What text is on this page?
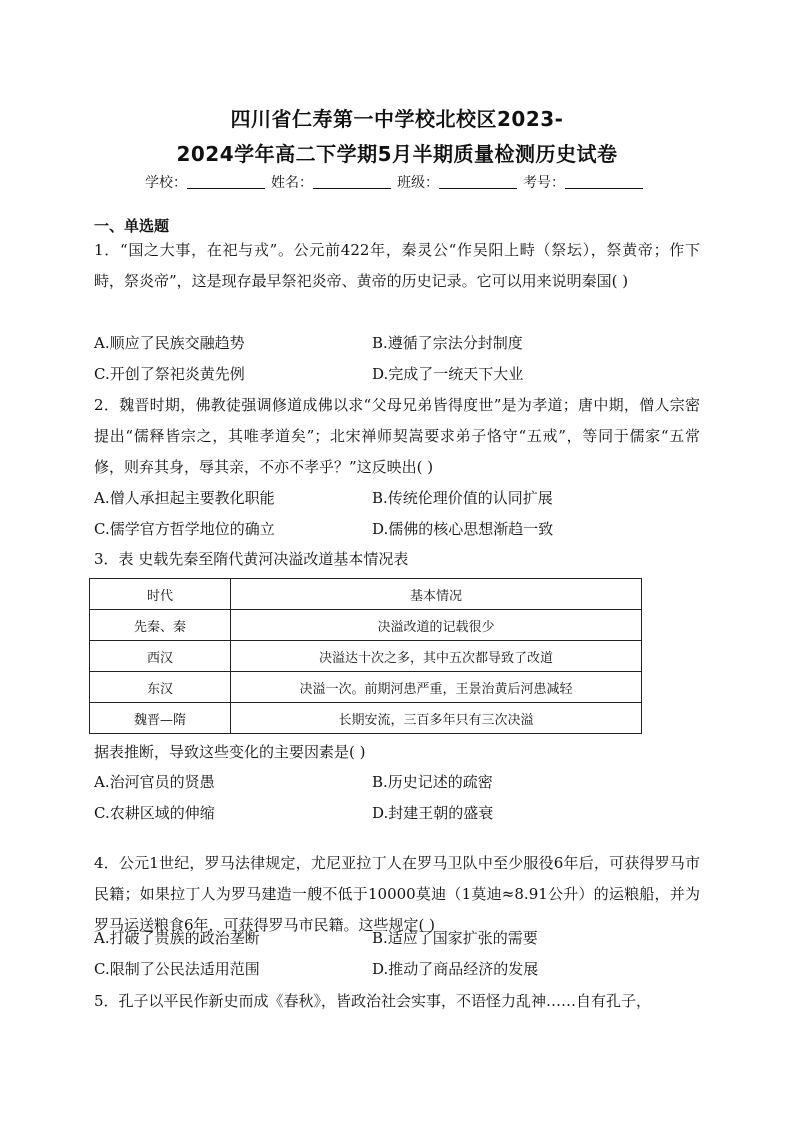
四川省仁寿第一中学校北校区2023-
2024学年高二下学期5月半期质量检测历史试卷
学校：	姓名：	班级：	考号：
一、单选题
1．“国之大事，在祀与戎”。公元前422年，秦灵公“作吴阳上畤（祭坛），祭黄帝；作下畤，祭炎帝”，这是现存最早祭祀炎帝、黄帝的历史记录。它可以用来说明秦国( )
A.顺应了民族交融趋势	B.遵循了宗法分封制度
C.开创了祭祀炎黄先例	D.完成了一统天下大业
2．魏晋时期，佛教徒强调修道成佛以求“父母兄弟皆得度世”是为孝道；唐中期，僧人宗密提出“儒释皆宗之，其唯孝道矣”；北宋禅师契嵩要求弟子恪守“五戒”，等同于儒家“五常修，则弃其身，辱其亲，不亦不孝乎？”这反映出( )
A.僧人承担起主要教化职能	B.传统伦理价值的认同扩展
C.儒学官方哲学地位的确立	D.儒佛的核心思想渐趋一致
3．表 史载先秦至隋代黄河决溢改道基本情况表
时代	基本情况
先秦、秦	决溢改道的记载很少
西汉	决溢达十次之多，其中五次都导致了改道
东汉	决溢一次。前期河患严重，王景治黄后河患减轻
魏晋—隋	长期安流，三百多年只有三次决溢
据表推断，导致这些变化的主要因素是( )
A.治河官员的贤愚	B.历史记述的疏密
C.农耕区域的伸缩	D.封建王朝的盛衰
4．公元1世纪，罗马法律规定，尤尼亚拉丁人在罗马卫队中至少服役6年后，可获得罗马市民籍；如果拉丁人为罗马建造一艘不低于10000莫迪（1莫迪≈8.91公升）的运粮船，并为罗马运送粮食6年，可获得罗马市民籍。这些规定( )
A.打破了贵族的政治垄断	B.适应了国家扩张的需要
C.限制了公民法适用范围	D.推动了商品经济的发展
5．孔子以平民作新史而成《春秋》，皆政治社会实事，不语怪力乱神……自有孔子，
